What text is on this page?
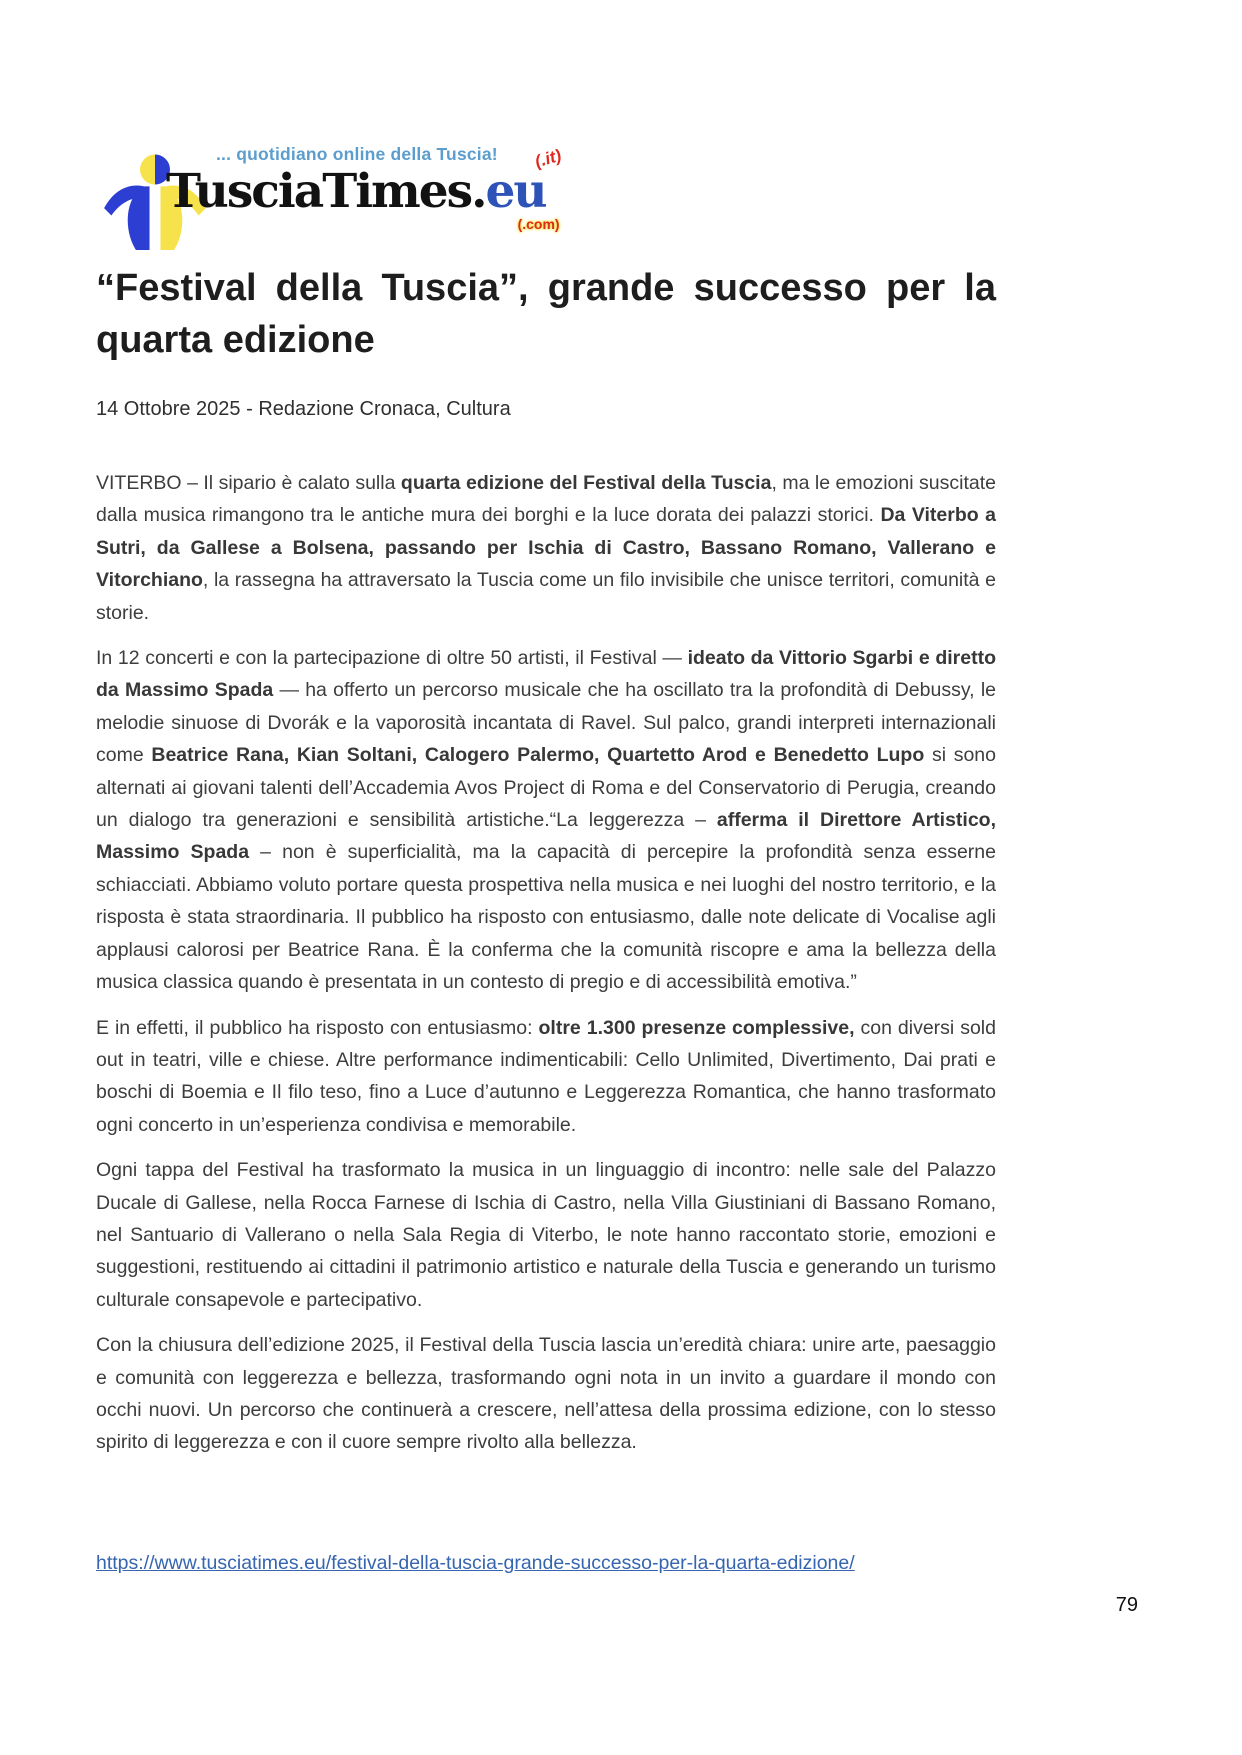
... quotidiano online della Tuscia!
TusciaTimes.
(.it)
eu
(.com)
“Festival della Tuscia”, grande successo per la quarta edizione
14 Ottobre 2025 - Redazione Cronaca, Cultura

VITERBO – Il sipario è calato sulla quarta edizione del Festival della Tuscia, ma le emozioni suscitate dalla musica rimangono tra le antiche mura dei borghi e la luce dorata dei palazzi storici. Da Viterbo a Sutri, da Gallese a Bolsena, passando per Ischia di Castro, Bassano Romano, Vallerano e Vitorchiano, la rassegna ha attraversato la Tuscia come un filo invisibile che unisce territori, comunità e storie.

In 12 concerti e con la partecipazione di oltre 50 artisti, il Festival — ideato da Vittorio Sgarbi e diretto da Massimo Spada — ha offerto un percorso musicale che ha oscillato tra la profondità di Debussy, le melodie sinuose di Dvorák e la vaporosità incantata di Ravel. Sul palco, grandi interpreti internazionali come Beatrice Rana, Kian Soltani, Calogero Palermo, Quartetto Arod e Benedetto Lupo si sono alternati ai giovani talenti dell’Accademia Avos Project di Roma e del Conservatorio di Perugia, creando un dialogo tra generazioni e sensibilità artistiche.“La leggerezza – afferma il Direttore Artistico, Massimo Spada – non è superficialità, ma la capacità di percepire la profondità senza esserne schiacciati. Abbiamo voluto portare questa prospettiva nella musica e nei luoghi del nostro territorio, e la risposta è stata straordinaria. Il pubblico ha risposto con entusiasmo, dalle note delicate di Vocalise agli applausi calorosi per Beatrice Rana. È la conferma che la comunità riscopre e ama la bellezza della musica classica quando è presentata in un contesto di pregio e di accessibilità emotiva.”

E in effetti, il pubblico ha risposto con entusiasmo: oltre 1.300 presenze complessive, con diversi sold out in teatri, ville e chiese. Altre performance indimenticabili: Cello Unlimited, Divertimento, Dai prati e boschi di Boemia e Il filo teso, fino a Luce d’autunno e Leggerezza Romantica, che hanno trasformato ogni concerto in un’esperienza condivisa e memorabile.

Ogni tappa del Festival ha trasformato la musica in un linguaggio di incontro: nelle sale del Palazzo Ducale di Gallese, nella Rocca Farnese di Ischia di Castro, nella Villa Giustiniani di Bassano Romano, nel Santuario di Vallerano o nella Sala Regia di Viterbo, le note hanno raccontato storie, emozioni e suggestioni, restituendo ai cittadini il patrimonio artistico e naturale della Tuscia e generando un turismo culturale consapevole e partecipativo.

Con la chiusura dell’edizione 2025, il Festival della Tuscia lascia un’eredità chiara: unire arte, paesaggio e comunità con leggerezza e bellezza, trasformando ogni nota in un invito a guardare il mondo con occhi nuovi. Un percorso che continuerà a crescere, nell’attesa della prossima edizione, con lo stesso spirito di leggerezza e con il cuore sempre rivolto alla bellezza.

https://www.tusciatimes.eu/festival-della-tuscia-grande-successo-per-la-quarta-edizione/
79
